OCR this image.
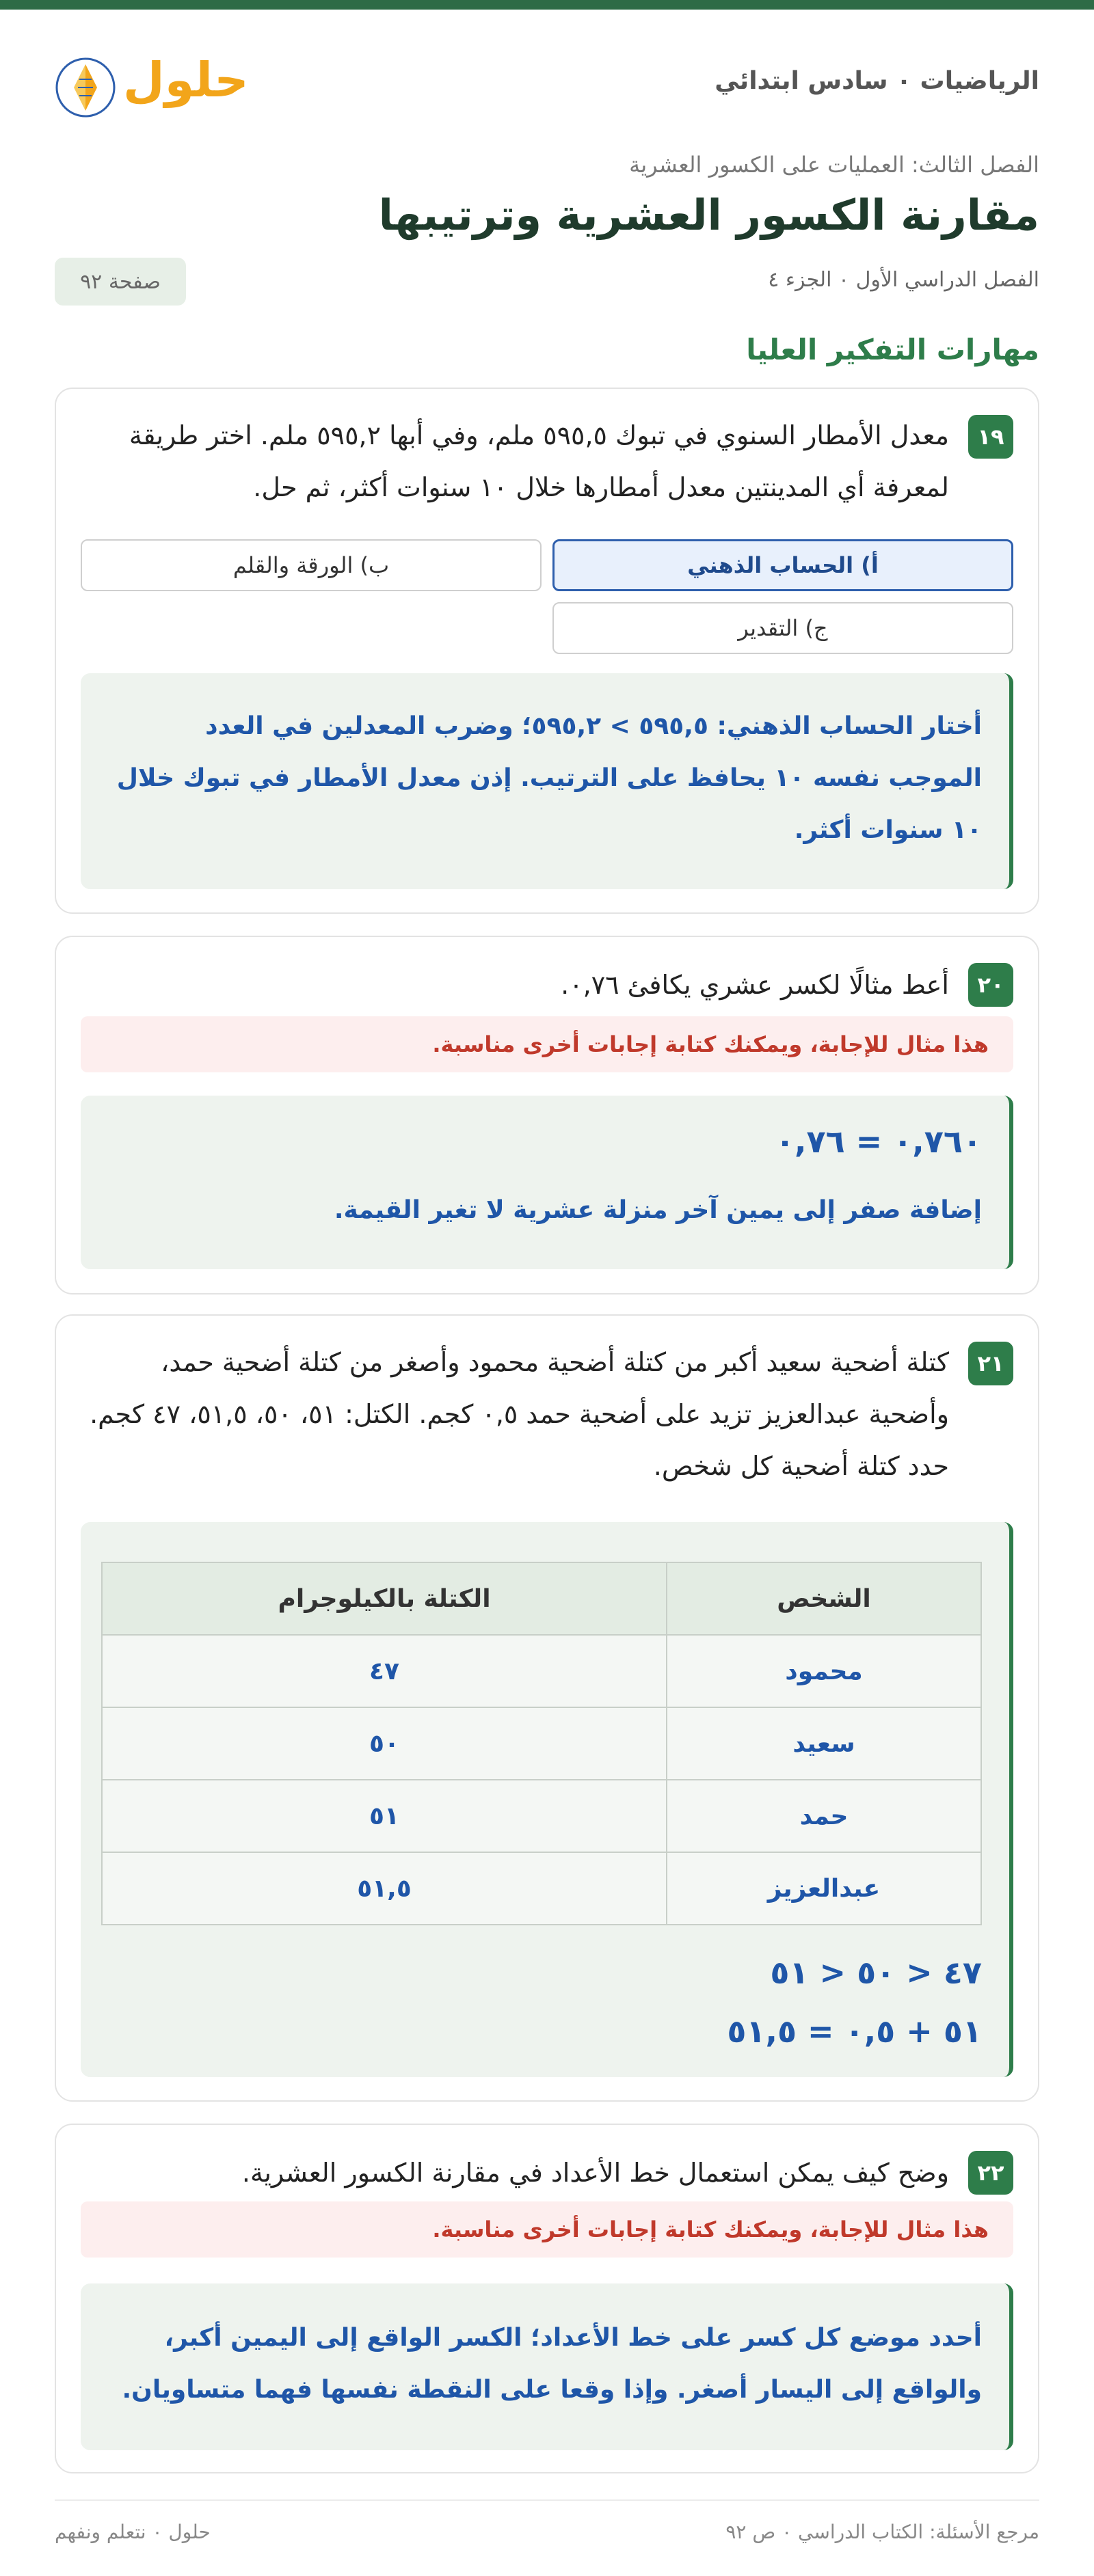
الرياضيات ٠ سادس ابتدائي
حلول
الفصل الثالث: العمليات على الكسور العشرية
مقارنة الكسور العشرية وترتيبها
الفصل الدراسي الأول ٠ الجزء ٤
صفحة ٩٢
مهارات التفكير العليا
١٩
معدل الأمطار السنوي في تبوك ٥٩٥,٥ ملم، وفي أبها ٥٩٥,٢ ملم. اختر طريقة لمعرفة أي المدينتين معدل أمطارها خلال ١٠ سنوات أكثر، ثم حل.
أ) الحساب الذهني
ب) الورقة والقلم
ج) التقدير
أختار الحساب الذهني: ٥٩٥,٥ > ٥٩٥,٢؛ وضرب المعدلين في العدد الموجب نفسه ١٠ يحافظ على الترتيب. إذن معدل الأمطار في تبوك خلال ١٠ سنوات أكثر.
٢٠
أعط مثالًا لكسر عشري يكافئ ٠,٧٦.
هذا مثال للإجابة، ويمكنك كتابة إجابات أخرى مناسبة.
٠,٧٦٠ = ٠,٧٦
إضافة صفر إلى يمين آخر منزلة عشرية لا تغير القيمة.
٢١
كتلة أضحية سعيد أكبر من كتلة أضحية محمود وأصغر من كتلة أضحية حمد، وأضحية عبدالعزيز تزيد على أضحية حمد ٠,٥ كجم. الكتل: ٥١، ٥٠، ٥١,٥، ٤٧ كجم. حدد كتلة أضحية كل شخص.
الشخص	الكتلة بالكيلوجرام
محمود	٤٧
سعيد	٥٠
حمد	٥١
عبدالعزيز	٥١,٥
٤٧ < ٥٠ < ٥١
٥١ + ٠,٥ = ٥١,٥
٢٢
وضح كيف يمكن استعمال خط الأعداد في مقارنة الكسور العشرية.
هذا مثال للإجابة، ويمكنك كتابة إجابات أخرى مناسبة.
أحدد موضع كل كسر على خط الأعداد؛ الكسر الواقع إلى اليمين أكبر، والواقع إلى اليسار أصغر. وإذا وقعا على النقطة نفسها فهما متساويان.
مرجع الأسئلة: الكتاب الدراسي ٠ ص ٩٢
حلول ٠ نتعلم ونفهم
